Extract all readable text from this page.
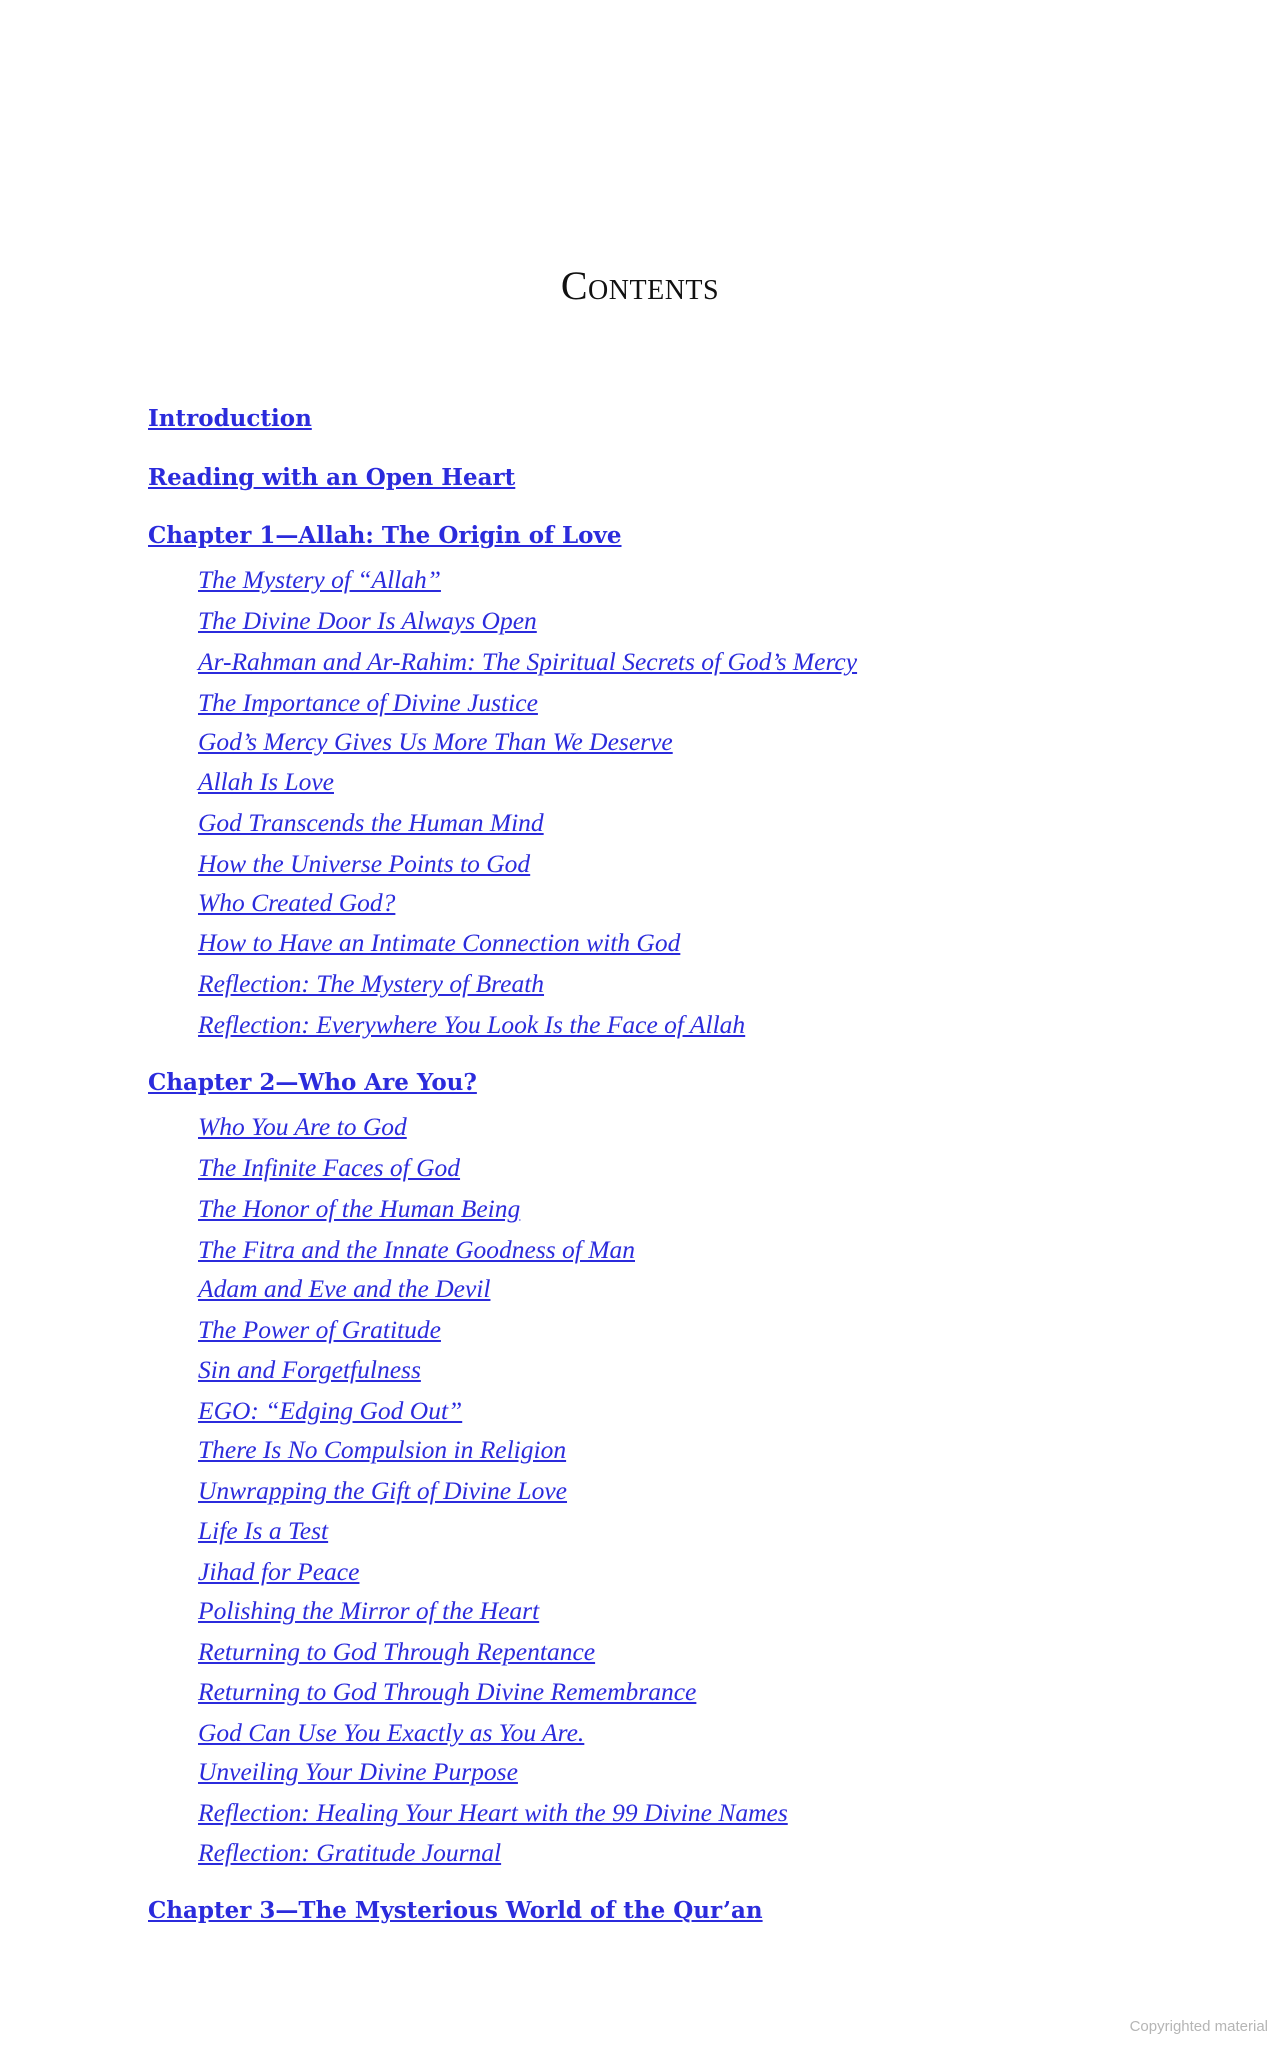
Contents
Introduction
Reading with an Open Heart
Chapter 1—Allah: The Origin of Love
The Mystery of “Allah”
The Divine Door Is Always Open
Ar-Rahman and Ar-Rahim: The Spiritual Secrets of God’s Mercy
The Importance of Divine Justice
God’s Mercy Gives Us More Than We Deserve
Allah Is Love
God Transcends the Human Mind
How the Universe Points to God
Who Created God?
How to Have an Intimate Connection with God
Reflection: The Mystery of Breath
Reflection: Everywhere You Look Is the Face of Allah
Chapter 2—Who Are You?
Who You Are to God
The Infinite Faces of God
The Honor of the Human Being
The Fitra and the Innate Goodness of Man
Adam and Eve and the Devil
The Power of Gratitude
Sin and Forgetfulness
EGO: “Edging God Out”
There Is No Compulsion in Religion
Unwrapping the Gift of Divine Love
Life Is a Test
Jihad for Peace
Polishing the Mirror of the Heart
Returning to God Through Repentance
Returning to God Through Divine Remembrance
God Can Use You Exactly as You Are.
Unveiling Your Divine Purpose
Reflection: Healing Your Heart with the 99 Divine Names
Reflection: Gratitude Journal
Chapter 3—The Mysterious World of the Qur’an
Copyrighted material
